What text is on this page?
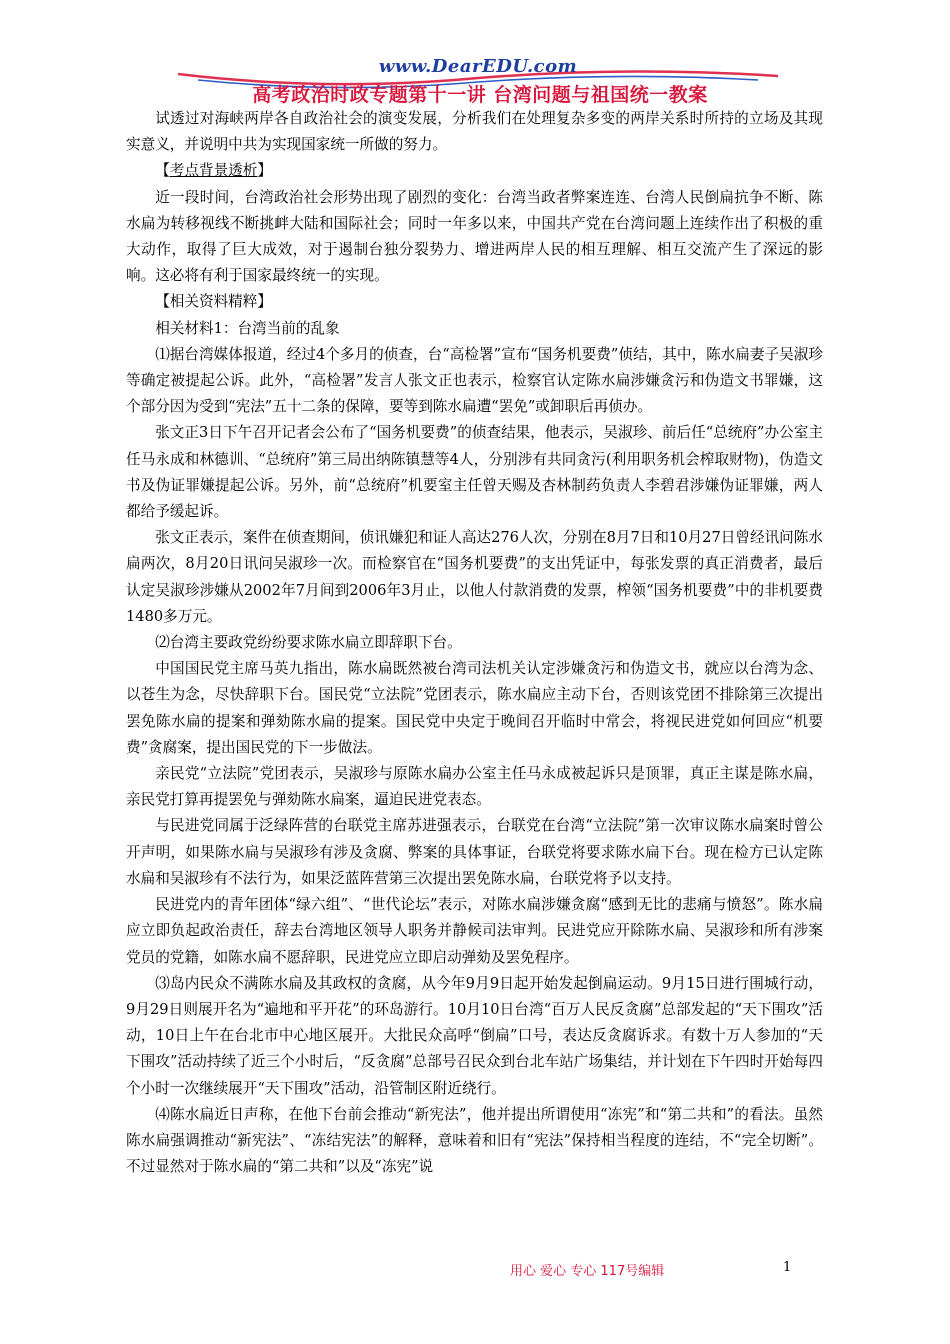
www.DearEDU.com
高考政治时政专题第十一讲 台湾问题与祖国统一教案

试透过对海峡两岸各自政治社会的演变发展，分析我们在处理复杂多变的两岸关系时所持的立场及其现实意义，并说明中共为实现国家统一所做的努力。

【考点背景透析】

近一段时间，台湾政治社会形势出现了剧烈的变化：台湾当政者弊案连连、台湾人民倒扁抗争不断、陈水扁为转移视线不断挑衅大陆和国际社会；同时一年多以来，中国共产党在台湾问题上连续作出了积极的重大动作，取得了巨大成效，对于遏制台独分裂势力、增进两岸人民的相互理解、相互交流产生了深远的影响。这必将有利于国家最终统一的实现。

【相关资料精粹】

相关材料1：台湾当前的乱象

⑴据台湾媒体报道，经过4个多月的侦查，台“高检署”宣布“国务机要费”侦结，其中，陈水扁妻子吴淑珍等确定被提起公诉。此外，“高检署”发言人张文正也表示，检察官认定陈水扁涉嫌贪污和伪造文书罪嫌，这个部分因为受到“宪法”五十二条的保障，要等到陈水扁遭“罢免”或卸职后再侦办。

张文正3日下午召开记者会公布了“国务机要费”的侦查结果，他表示，吴淑珍、前后任“总统府”办公室主任马永成和林德训、“总统府”第三局出纳陈镇慧等4人，分别涉有共同贪污(利用职务机会榨取财物)，伪造文书及伪证罪嫌提起公诉。另外，前“总统府”机要室主任曾天赐及杏林制药负责人李碧君涉嫌伪证罪嫌，两人都给予缓起诉。

张文正表示，案件在侦查期间，侦讯嫌犯和证人高达276人次，分别在8月7日和10月27日曾经讯问陈水扁两次，8月20日讯问吴淑珍一次。而检察官在“国务机要费”的支出凭证中，每张发票的真正消费者，最后认定吴淑珍涉嫌从2002年7月间到2006年3月止，以他人付款消费的发票，榨领“国务机要费”中的非机要费1480多万元。

⑵台湾主要政党纷纷要求陈水扁立即辞职下台。

中国国民党主席马英九指出，陈水扁既然被台湾司法机关认定涉嫌贪污和伪造文书，就应以台湾为念、以苍生为念，尽快辞职下台。国民党“立法院”党团表示，陈水扁应主动下台，否则该党团不排除第三次提出罢免陈水扁的提案和弹劾陈水扁的提案。国民党中央定于晚间召开临时中常会，将视民进党如何回应“机要费”贪腐案，提出国民党的下一步做法。

亲民党“立法院”党团表示，吴淑珍与原陈水扁办公室主任马永成被起诉只是顶罪，真正主谋是陈水扁，亲民党打算再提罢免与弹劾陈水扁案，逼迫民进党表态。

与民进党同属于泛绿阵营的台联党主席苏进强表示，台联党在台湾“立法院”第一次审议陈水扁案时曾公开声明，如果陈水扁与吴淑珍有涉及贪腐、弊案的具体事证，台联党将要求陈水扁下台。现在检方已认定陈水扁和吴淑珍有不法行为，如果泛蓝阵营第三次提出罢免陈水扁，台联党将予以支持。

民进党内的青年团体“绿六组”、“世代论坛”表示，对陈水扁涉嫌贪腐“感到无比的悲痛与愤怒”。陈水扁应立即负起政治责任，辞去台湾地区领导人职务并静候司法审判。民进党应开除陈水扁、吴淑珍和所有涉案党员的党籍，如陈水扁不愿辞职，民进党应立即启动弹劾及罢免程序。

⑶岛内民众不满陈水扁及其政权的贪腐，从今年9月9日起开始发起倒扁运动。9月15日进行围城行动，9月29日则展开名为“遍地和平开花”的环岛游行。10月10日台湾“百万人民反贪腐”总部发起的“天下围攻”活动，10日上午在台北市中心地区展开。大批民众高呼“倒扁”口号，表达反贪腐诉求。有数十万人参加的“天下围攻”活动持续了近三个小时后，“反贪腐”总部号召民众到台北车站广场集结，并计划在下午四时开始每四个小时一次继续展开“天下围攻”活动，沿管制区附近绕行。

⑷陈水扁近日声称，在他下台前会推动“新宪法”，他并提出所谓使用“冻宪”和“第二共和”的看法。虽然陈水扁强调推动“新宪法”、“冻结宪法”的解释，意味着和旧有“宪法”保持相当程度的连结，不“完全切断”。不过显然对于陈水扁的“第二共和”以及“冻宪”说

用心 爱心 专心 117号编辑	1
